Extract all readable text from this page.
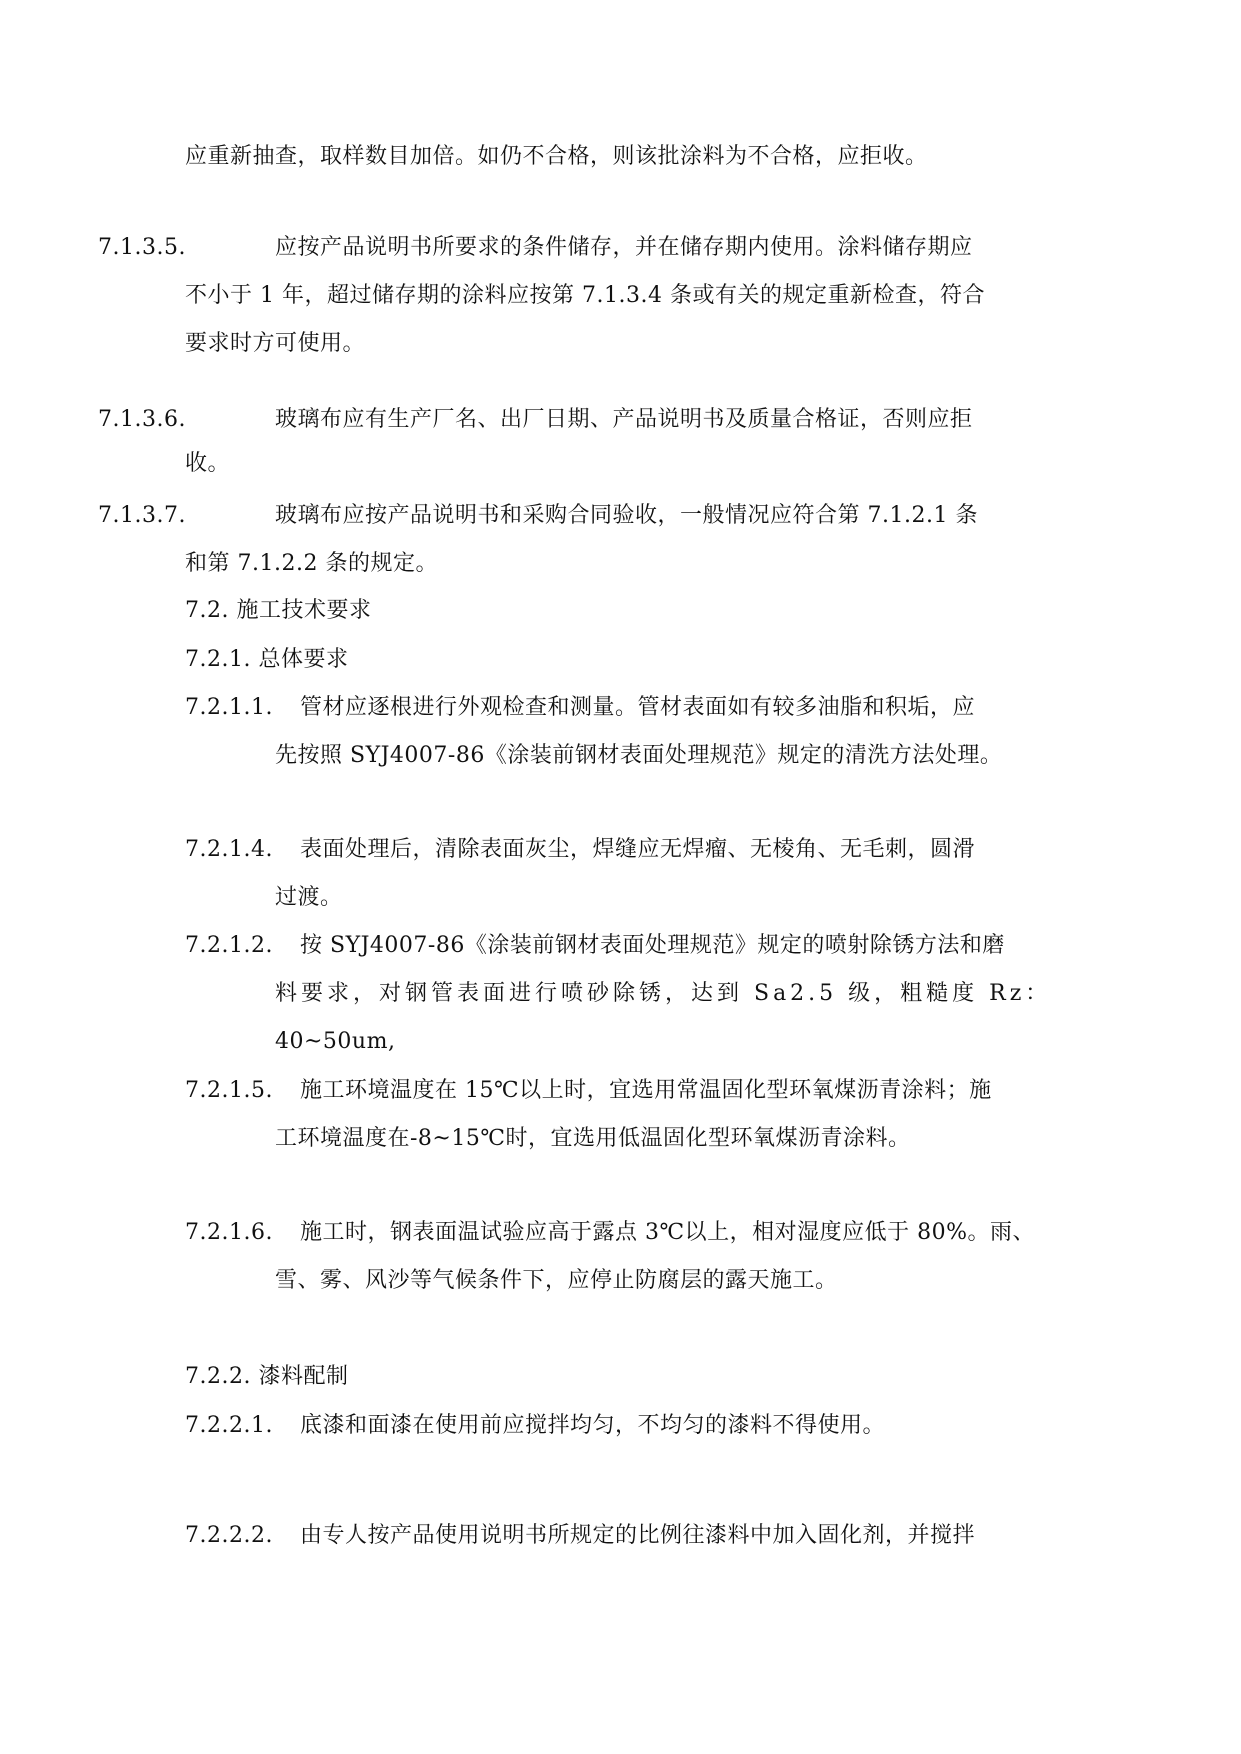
应重新抽查，取样数目加倍。如仍不合格，则该批涂料为不合格，应拒收。
7.1.3.5.	应按产品说明书所要求的条件储存，并在储存期内使用。涂料储存期应
不小于 1 年，超过储存期的涂料应按第 7.1.3.4 条或有关的规定重新检查，符合
要求时方可使用。
7.1.3.6.	玻璃布应有生产厂名、出厂日期、产品说明书及质量合格证，否则应拒
收。
7.1.3.7.	玻璃布应按产品说明书和采购合同验收，一般情况应符合第 7.1.2.1 条
和第 7.1.2.2 条的规定。
7.2. 施工技术要求
7.2.1. 总体要求
7.2.1.1. 管材应逐根进行外观检查和测量。管材表面如有较多油脂和积垢，应
先按照 SYJ4007-86《涂装前钢材表面处理规范》规定的清洗方法处理。
7.2.1.4. 表面处理后，清除表面灰尘，焊缝应无焊瘤、无棱角、无毛刺，圆滑
过渡。
7.2.1.2. 按 SYJ4007-86《涂装前钢材表面处理规范》规定的喷射除锈方法和磨
料要求，对钢管表面进行喷砂除锈，达到 Sa2.5 级，粗糙度 Rz：
40~50um,
7.2.1.5. 施工环境温度在 15℃以上时，宜选用常温固化型环氧煤沥青涂料；施
工环境温度在-8~15℃时，宜选用低温固化型环氧煤沥青涂料。
7.2.1.6. 施工时，钢表面温试验应高于露点 3℃以上，相对湿度应低于 80%。雨、
雪、雾、风沙等气候条件下，应停止防腐层的露天施工。
7.2.2. 漆料配制
7.2.2.1. 底漆和面漆在使用前应搅拌均匀，不均匀的漆料不得使用。
7.2.2.2. 由专人按产品使用说明书所规定的比例往漆料中加入固化剂，并搅拌
